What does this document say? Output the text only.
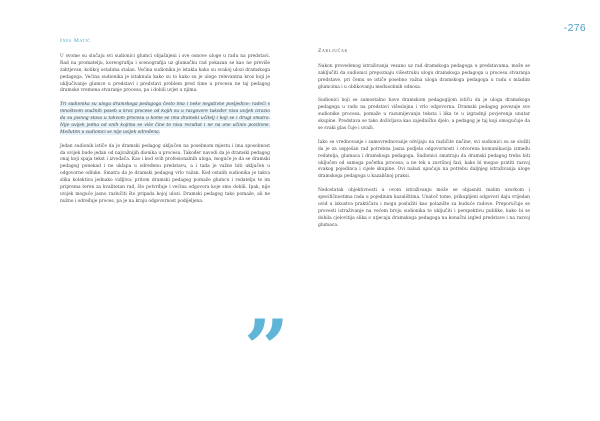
-276
Ines Matić

U svome su slučaju svi sudionici glumci objašnjeni i sve osnove uloge u radu na predstavi. Rad na promatelju, koreografija i scenografija uz glumačku rad pokazan se kao ne previše zahtjevan, kolikoj ostalima stalan. Većina sudionika je istakla kako su svakoj ulozi dramskoga pedagoga. Većina sudionika je istaknula kako su to kako su je uloge relevantna kroz koji je uključivanje glumce u predstavi i predstavi problem pred time u procesu ne taj pedagog dramske vremena stvaranje procesa, pa i dobili uvjet u njima.

Tri sudionika su ulogu dramskoga pedagoga često ima i neke negativne posljedice: radeći s mnoštvom snažnih poseb a kroz procese od kojih su u razgovore također nisu uvijek izrazio da su jasnog stava u takvom procesu u kome se ima dramski učitelj i koji se i drugi smatra. Nije uvijek jedna od onih kojima se više čine te nisu rezultat i ne na one učinio pozitivne. Međutim u sudionici se nije uvijek određena.

Jedan sudionik ističe da je dramski pedagog uključen na posebnom mjestu i ima sposobnost da uvijek bude jedan od najvažnijih dionika u procesu. Također navodi da je dramski pedagog onaj koji spaja tekst i izvođača. Kao i kod svih profesionalnih uloga, moguće je da se dramski pedagog ponekad i ne uklapa u određenu predstavu, a i tada je važno biti uključen u odgovorne odluke. Smatra da je dramski pedagog vrlo važan. Kod ostalih sudionika je takva slika kolektiva jednako vidljiva; pritom dramski pedagog pomaže glumcu i redatelju te im priprema teren za kvalitetan rad, što potvrđuje i većina odgovora koje smo dobili. Ipak, nije uvijek moguće jasno razlučiti što pripada kojoj ulozi. Dramski pedagog tako pomaže, ali ne nužno i određuje proces, pa je na kraju odgovornost podijeljena.

”
Zaključak

Nakon provedenog istraživanja vezano uz rad dramskoga pedagoga u predstavama, može se zaključiti da sudionici prepoznaju višestruku ulogu dramskoga pedagoga u procesu stvaranja predstave, pri čemu se ističe posebno važna uloga dramskoga pedagoga u radu s mladim glumcima i u oblikovanju međusobnih odnosa.

Sudionici koji se samostalno bave dramskom pedagogijom ističu da je uloga dramskoga pedagoga u radu na predstavi višeslojna i vrlo odgovorna. Dramski pedagog povezuje sve sudionike procesa, pomaže u razumijevanju teksta i lika te u izgradnji povjerenja unutar skupine. Predstava se tako doživljava kao zajedničko djelo, a pedagog je taj koji omogućuje da se svaki glas čuje i uvaži.

Iako se vrednovanje i samovrednovanje odvijaju na različite načine, svi sudionici su se složili da je za uspješan rad potrebna jasna podjela odgovornosti i otvorena komunikacija između redatelja, glumaca i dramskoga pedagoga. Sudionici smatraju da dramski pedagog treba biti uključen od samoga početka procesa, a ne tek u završnoj fazi, kako bi mogao pratiti razvoj svakog pojedinca i cijele skupine. Ovi nalazi upućuju na potrebu daljnjeg istraživanja uloge dramskoga pedagoga u kazališnoj praksi.

Nedostatak objektivnosti u ovom istraživanju može se objasniti malim uzorkom i specifičnostima rada u pojedinim kazalištima. Unatoč tome, prikupljeni odgovori daju vrijedan uvid u iskustva praktičara i mogu poslužiti kao polazište za buduće radove. Preporučuje se provesti istraživanje na većem broju sudionika te uključiti i perspektivu publike, kako bi se dobila cjelovitija slika o utjecaju dramskoga pedagoga na konačni izgled predstave i na razvoj glumaca.
